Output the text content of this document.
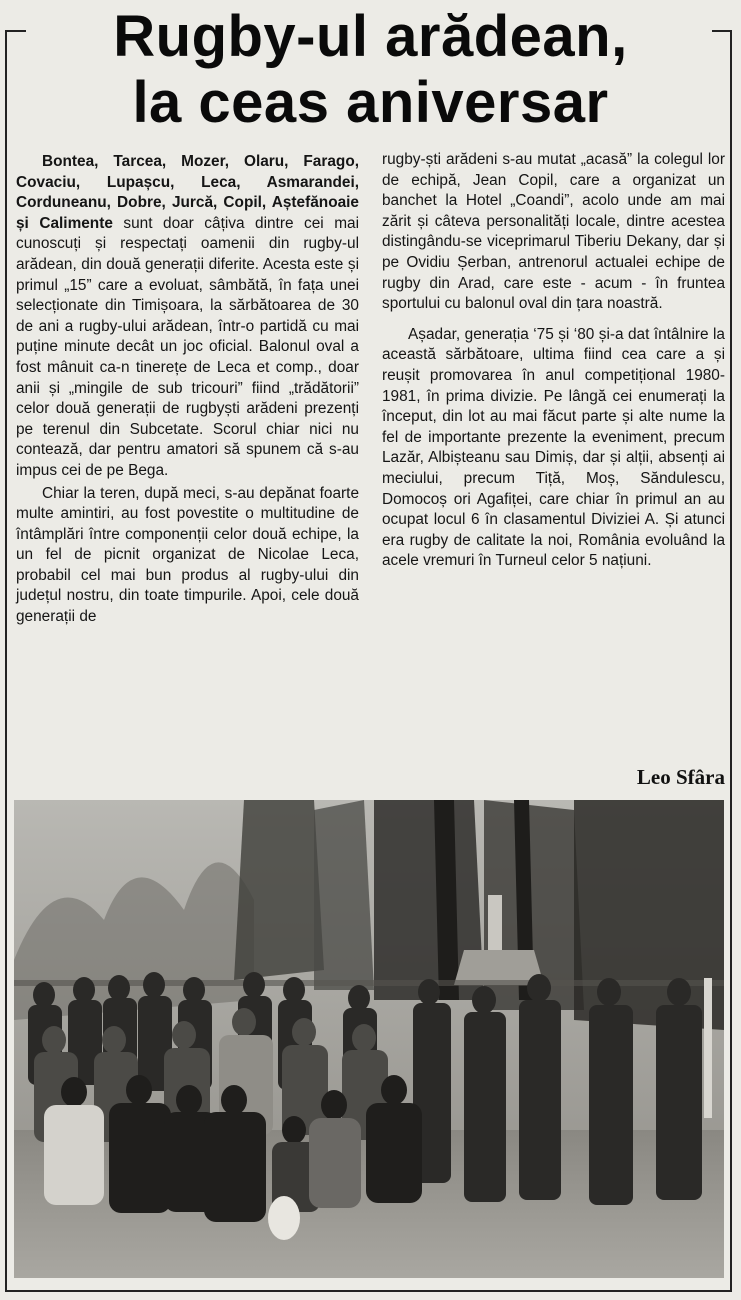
Rugby-ul arădean,
la ceas aniversar

Bontea, Tarcea, Mozer, Olaru, Farago, Covaciu, Lupașcu, Leca, Asmarandei, Corduneanu, Dobre, Jurcă, Copil, Aștefănoaie și Calimente sunt doar câțiva dintre cei mai cunoscuți și respectați oamenii din rugby-ul arădean, din două generații diferite. Acesta este și primul „15” care a evoluat, sâmbătă, în fața unei selecționate din Timișoara, la sărbătoarea de 30 de ani a rugby-ului arădean, într-o partidă cu mai puține minute decât un joc oficial. Balonul oval a fost mânuit ca-n tinerețe de Leca et comp., doar anii și „mingile de sub tricouri” fiind „trădătorii” celor două generații de rugbyști arădeni prezenți pe terenul din Subcetate. Scorul chiar nici nu contează, dar pentru amatori să spunem că s-au impus cei de pe Bega.

Chiar la teren, după meci, s-au depănat foarte multe amintiri, au fost povestite o multitudine de întâmplări între componenții celor două echipe, la un fel de picnit organizat de Nicolae Leca, probabil cel mai bun produs al rugby-ului din județul nostru, din toate timpurile. Apoi, cele două generații de

rugby-ști arădeni s-au mutat „acasă” la colegul lor de echipă, Jean Copil, care a organizat un banchet la Hotel „Coandi”, acolo unde am mai zărit și câteva personalități locale, dintre acestea distingându-se viceprimarul Tiberiu Dekany, dar și pe Ovidiu Șerban, antrenorul actualei echipe de rugby din Arad, care este - acum - în fruntea sportului cu balonul oval din țara noastră.

Așadar, generația ‘75 și ‘80 și-a dat întâlnire la această sărbătoare, ultima fiind cea care a și reușit promovarea în anul competițional 1980-1981, în prima divizie. Pe lângă cei enumerați la început, din lot au mai făcut parte și alte nume la fel de importante prezente la eveniment, precum Lazăr, Albișteanu sau Dimiș, dar și alții, absenți ai meciului, precum Tiță, Moș, Săndulescu, Domocoș ori Agafiței, care chiar în primul an au ocupat locul 6 în clasamentul Diviziei A. Și atunci era rugby de calitate la noi, România evoluând la acele vremuri în Turneul celor 5 națiuni.

Leo Sfâra
